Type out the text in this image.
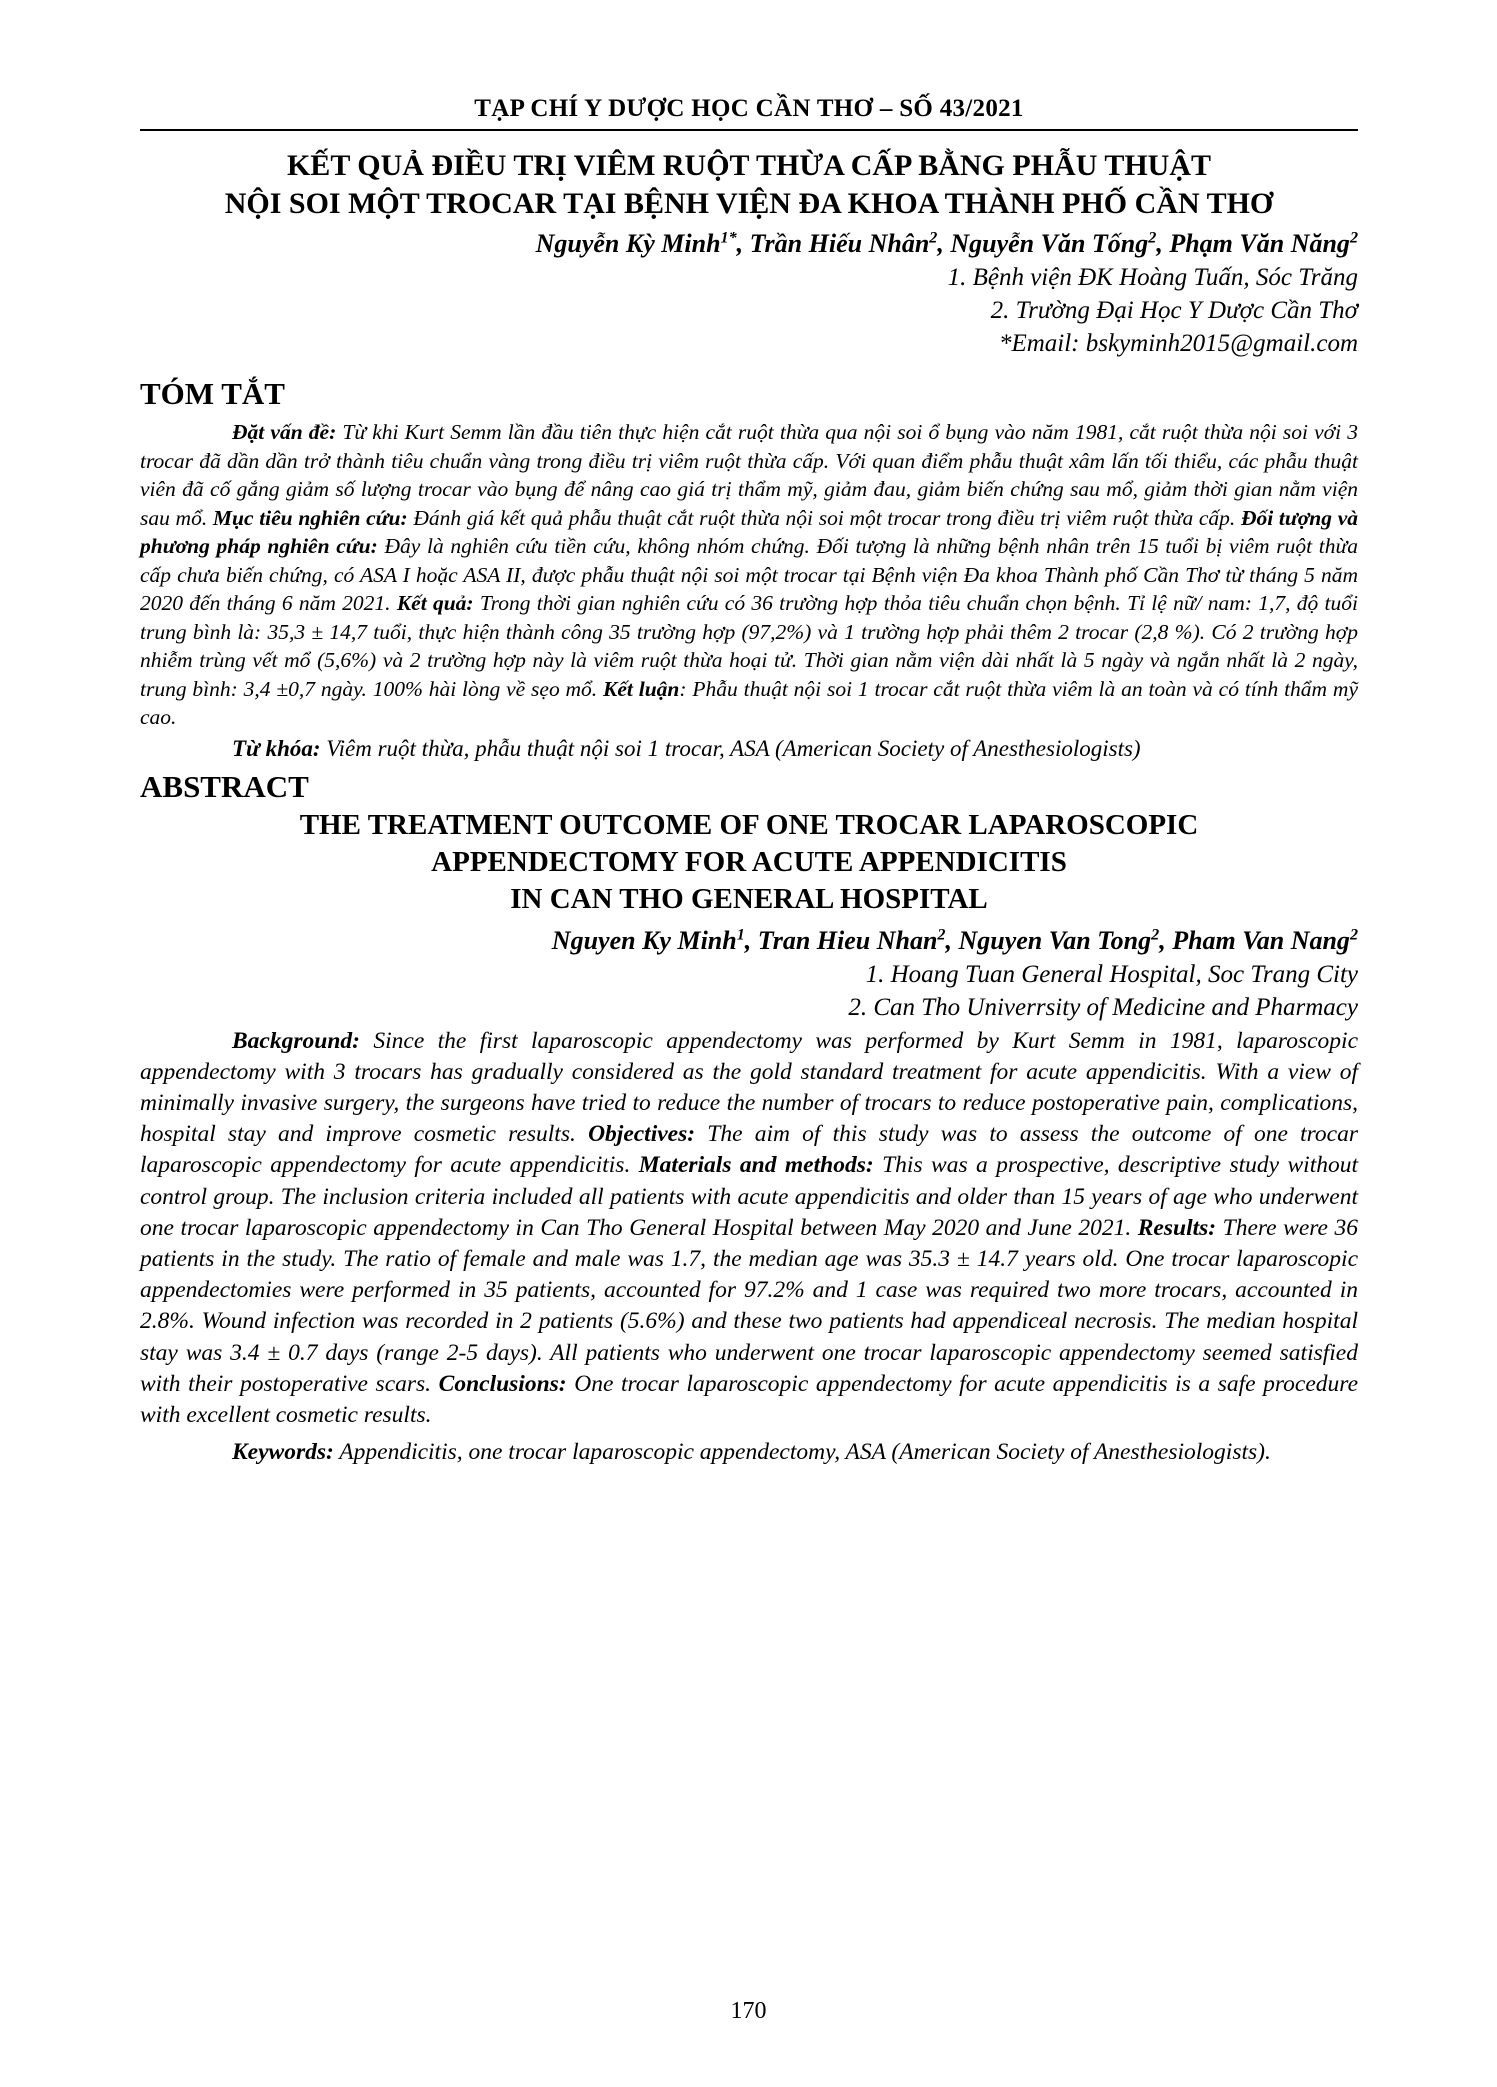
TẠP CHÍ Y DƯỢC HỌC CẦN THƠ – SỐ 43/2021
KẾT QUẢ ĐIỀU TRỊ VIÊM RUỘT THỪA CẤP BẰNG PHẪU THUẬT
NỘI SOI MỘT TROCAR TẠI BỆNH VIỆN ĐA KHOA THÀNH PHỐ CẦN THƠ
Nguyễn Kỳ Minh$^{1*}$, Trần Hiếu Nhân$^2$, Nguyễn Văn Tống$^2$, Phạm Văn Năng$^2$
1. Bệnh viện ĐK Hoàng Tuấn, Sóc Trăng
2. Trường Đại Học Y Dược Cần Thơ
*Email: bskyminh2015@gmail.com
TÓM TẮT

Đặt vấn đề: Từ khi Kurt Semm lần đầu tiên thực hiện cắt ruột thừa qua nội soi ổ bụng vào năm 1981, cắt ruột thừa nội soi với 3 trocar đã dần dần trở thành tiêu chuẩn vàng trong điều trị viêm ruột thừa cấp. Với quan điểm phẫu thuật xâm lấn tối thiểu, các phẫu thuật viên đã cố gắng giảm số lượng trocar vào bụng để nâng cao giá trị thẩm mỹ, giảm đau, giảm biến chứng sau mổ, giảm thời gian nằm viện sau mổ. Mục tiêu nghiên cứu: Đánh giá kết quả phẫu thuật cắt ruột thừa nội soi một trocar trong điều trị viêm ruột thừa cấp. Đối tượng và phương pháp nghiên cứu: Đây là nghiên cứu tiền cứu, không nhóm chứng. Đối tượng là những bệnh nhân trên 15 tuổi bị viêm ruột thừa cấp chưa biến chứng, có ASA I hoặc ASA II, được phẫu thuật nội soi một trocar tại Bệnh viện Đa khoa Thành phố Cần Thơ từ tháng 5 năm 2020 đến tháng 6 năm 2021. Kết quả: Trong thời gian nghiên cứu có 36 trường hợp thỏa tiêu chuẩn chọn bệnh. Tỉ lệ nữ/ nam: 1,7, độ tuổi trung bình là: 35,3 ± 14,7 tuổi, thực hiện thành công 35 trường hợp (97,2%) và 1 trường hợp phải thêm 2 trocar (2,8 %). Có 2 trường hợp nhiễm trùng vết mổ (5,6%) và 2 trường hợp này là viêm ruột thừa hoại tử. Thời gian nằm viện dài nhất là 5 ngày và ngắn nhất là 2 ngày, trung bình: 3,4 ±0,7 ngày. 100% hài lòng về sẹo mổ. Kết luận: Phẫu thuật nội soi 1 trocar cắt ruột thừa viêm là an toàn và có tính thẩm mỹ cao.

Từ khóa: Viêm ruột thừa, phẫu thuật nội soi 1 trocar, ASA (American Society of Anesthesiologists)

ABSTRACT
THE TREATMENT OUTCOME OF ONE TROCAR LAPAROSCOPIC
APPENDECTOMY FOR ACUTE APPENDICITIS
IN CAN THO GENERAL HOSPITAL
Nguyen Ky Minh$^1$, Tran Hieu Nhan$^2$, Nguyen Van Tong$^2$, Pham Van Nang$^2$
1. Hoang Tuan General Hospital, Soc Trang City
2. Can Tho Univerrsity of Medicine and Pharmacy

Background: Since the first laparoscopic appendectomy was performed by Kurt Semm in 1981, laparoscopic appendectomy with 3 trocars has gradually considered as the gold standard treatment for acute appendicitis. With a view of minimally invasive surgery, the surgeons have tried to reduce the number of trocars to reduce postoperative pain, complications, hospital stay and improve cosmetic results. Objectives: The aim of this study was to assess the outcome of one trocar laparoscopic appendectomy for acute appendicitis. Materials and methods: This was a prospective, descriptive study without control group. The inclusion criteria included all patients with acute appendicitis and older than 15 years of age who underwent one trocar laparoscopic appendectomy in Can Tho General Hospital between May 2020 and June 2021. Results: There were 36 patients in the study. The ratio of female and male was 1.7, the median age was 35.3 ± 14.7 years old. One trocar laparoscopic appendectomies were performed in 35 patients, accounted for 97.2% and 1 case was required two more trocars, accounted in 2.8%. Wound infection was recorded in 2 patients (5.6%) and these two patients had appendiceal necrosis. The median hospital stay was 3.4 ± 0.7 days (range 2-5 days). All patients who underwent one trocar laparoscopic appendectomy seemed satisfied with their postoperative scars. Conclusions: One trocar laparoscopic appendectomy for acute appendicitis is a safe procedure with excellent cosmetic results.

Keywords: Appendicitis, one trocar laparoscopic appendectomy, ASA (American Society of Anesthesiologists).

170
